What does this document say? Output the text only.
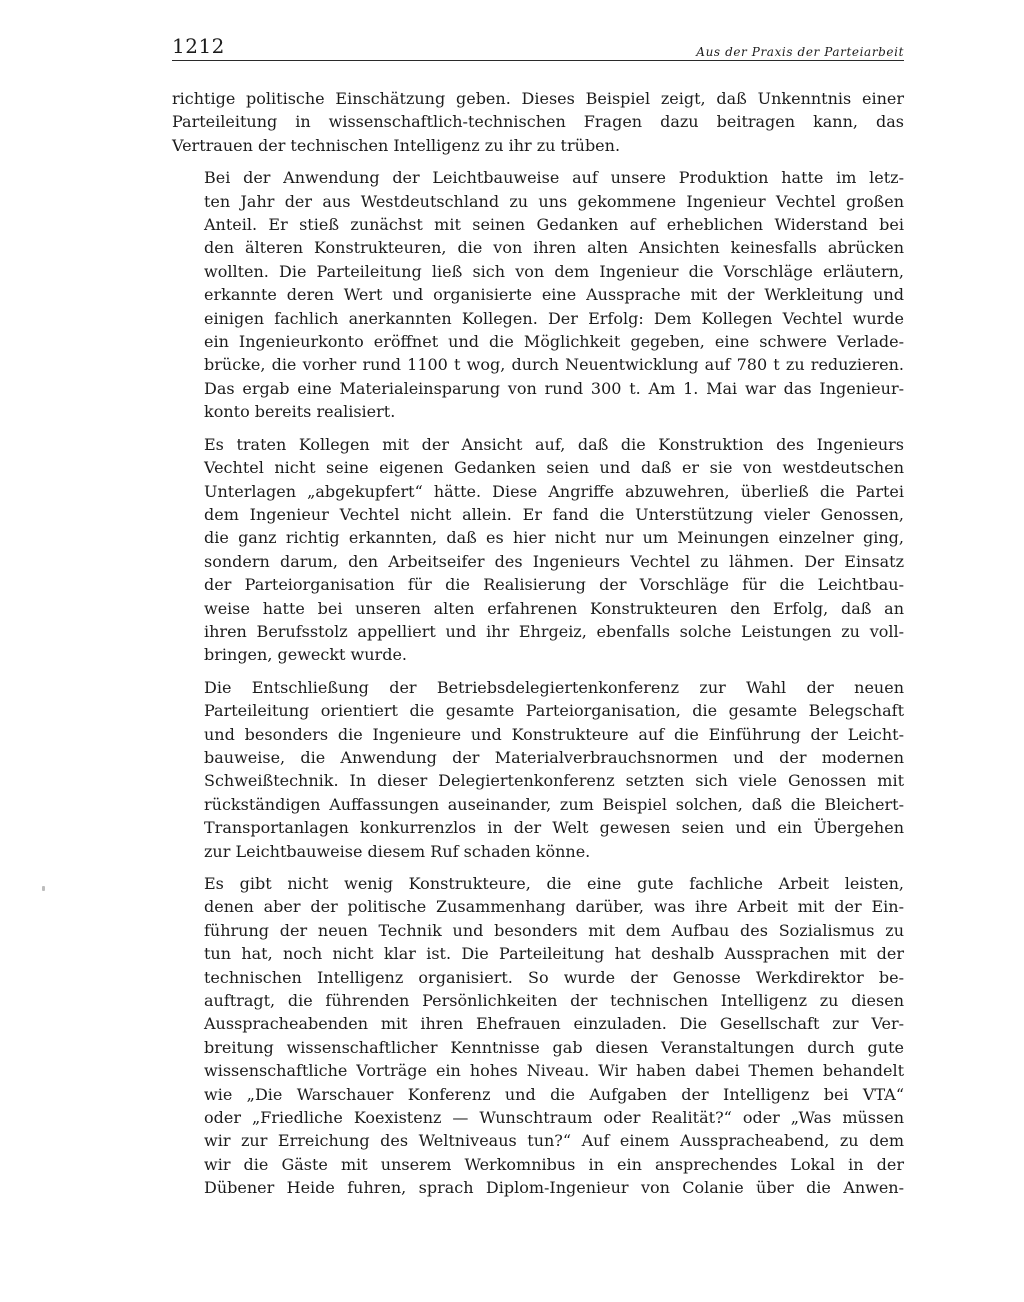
1212	Aus der Praxis der Parteiarbeit

richtige politische Einschätzung geben. Dieses Beispiel zeigt, daß Unkenntnis einer
Parteileitung in wissenschaftlich-technischen Fragen dazu beitragen kann, das
Vertrauen der technischen Intelligenz zu ihr zu trüben.

Bei der Anwendung der Leichtbauweise auf unsere Produktion hatte im letz-
ten Jahr der aus Westdeutschland zu uns gekommene Ingenieur Vechtel großen
Anteil. Er stieß zunächst mit seinen Gedanken auf erheblichen Widerstand bei
den älteren Konstrukteuren, die von ihren alten Ansichten keinesfalls abrücken
wollten. Die Parteileitung ließ sich von dem Ingenieur die Vorschläge erläutern,
erkannte deren Wert und organisierte eine Aussprache mit der Werkleitung und
einigen fachlich anerkannten Kollegen. Der Erfolg: Dem Kollegen Vechtel wurde
ein Ingenieurkonto eröffnet und die Möglichkeit gegeben, eine schwere Verlade-
brücke, die vorher rund 1100 t wog, durch Neuentwicklung auf 780 t zu reduzieren.
Das ergab eine Materialeinsparung von rund 300 t. Am 1. Mai war das Ingenieur-
konto bereits realisiert.

Es traten Kollegen mit der Ansicht auf, daß die Konstruktion des Ingenieurs
Vechtel nicht seine eigenen Gedanken seien und daß er sie von westdeutschen
Unterlagen „abgekupfert“ hätte. Diese Angriffe abzuwehren, überließ die Partei
dem Ingenieur Vechtel nicht allein. Er fand die Unterstützung vieler Genossen,
die ganz richtig erkannten, daß es hier nicht nur um Meinungen einzelner ging,
sondern darum, den Arbeitseifer des Ingenieurs Vechtel zu lähmen. Der Einsatz
der Parteiorganisation für die Realisierung der Vorschläge für die Leichtbau-
weise hatte bei unseren alten erfahrenen Konstrukteuren den Erfolg, daß an
ihren Berufsstolz appelliert und ihr Ehrgeiz, ebenfalls solche Leistungen zu voll-
bringen, geweckt wurde.

Die Entschließung der Betriebsdelegiertenkonferenz zur Wahl der neuen
Parteileitung orientiert die gesamte Parteiorganisation, die gesamte Belegschaft
und besonders die Ingenieure und Konstrukteure auf die Einführung der Leicht-
bauweise, die Anwendung der Materialverbrauchsnormen und der modernen
Schweißtechnik. In dieser Delegiertenkonferenz setzten sich viele Genossen mit
rückständigen Auffassungen auseinander, zum Beispiel solchen, daß die Bleichert-
Transportanlagen konkurrenzlos in der Welt gewesen seien und ein Übergehen
zur Leichtbauweise diesem Ruf schaden könne.

Es gibt nicht wenig Konstrukteure, die eine gute fachliche Arbeit leisten,
denen aber der politische Zusammenhang darüber, was ihre Arbeit mit der Ein-
führung der neuen Technik und besonders mit dem Aufbau des Sozialismus zu
tun hat, noch nicht klar ist. Die Parteileitung hat deshalb Aussprachen mit der
technischen Intelligenz organisiert. So wurde der Genosse Werkdirektor be-
auftragt, die führenden Persönlichkeiten der technischen Intelligenz zu diesen
Ausspracheabenden mit ihren Ehefrauen einzuladen. Die Gesellschaft zur Ver-
breitung wissenschaftlicher Kenntnisse gab diesen Veranstaltungen durch gute
wissenschaftliche Vorträge ein hohes Niveau. Wir haben dabei Themen behandelt
wie „Die Warschauer Konferenz und die Aufgaben der Intelligenz bei VTA“
oder „Friedliche Koexistenz — Wunschtraum oder Realität?“ oder „Was müssen
wir zur Erreichung des Weltniveaus tun?“ Auf einem Ausspracheabend, zu dem
wir die Gäste mit unserem Werkomnibus in ein ansprechendes Lokal in der
Dübener Heide fuhren, sprach Diplom-Ingenieur von Colanie über die Anwen-
